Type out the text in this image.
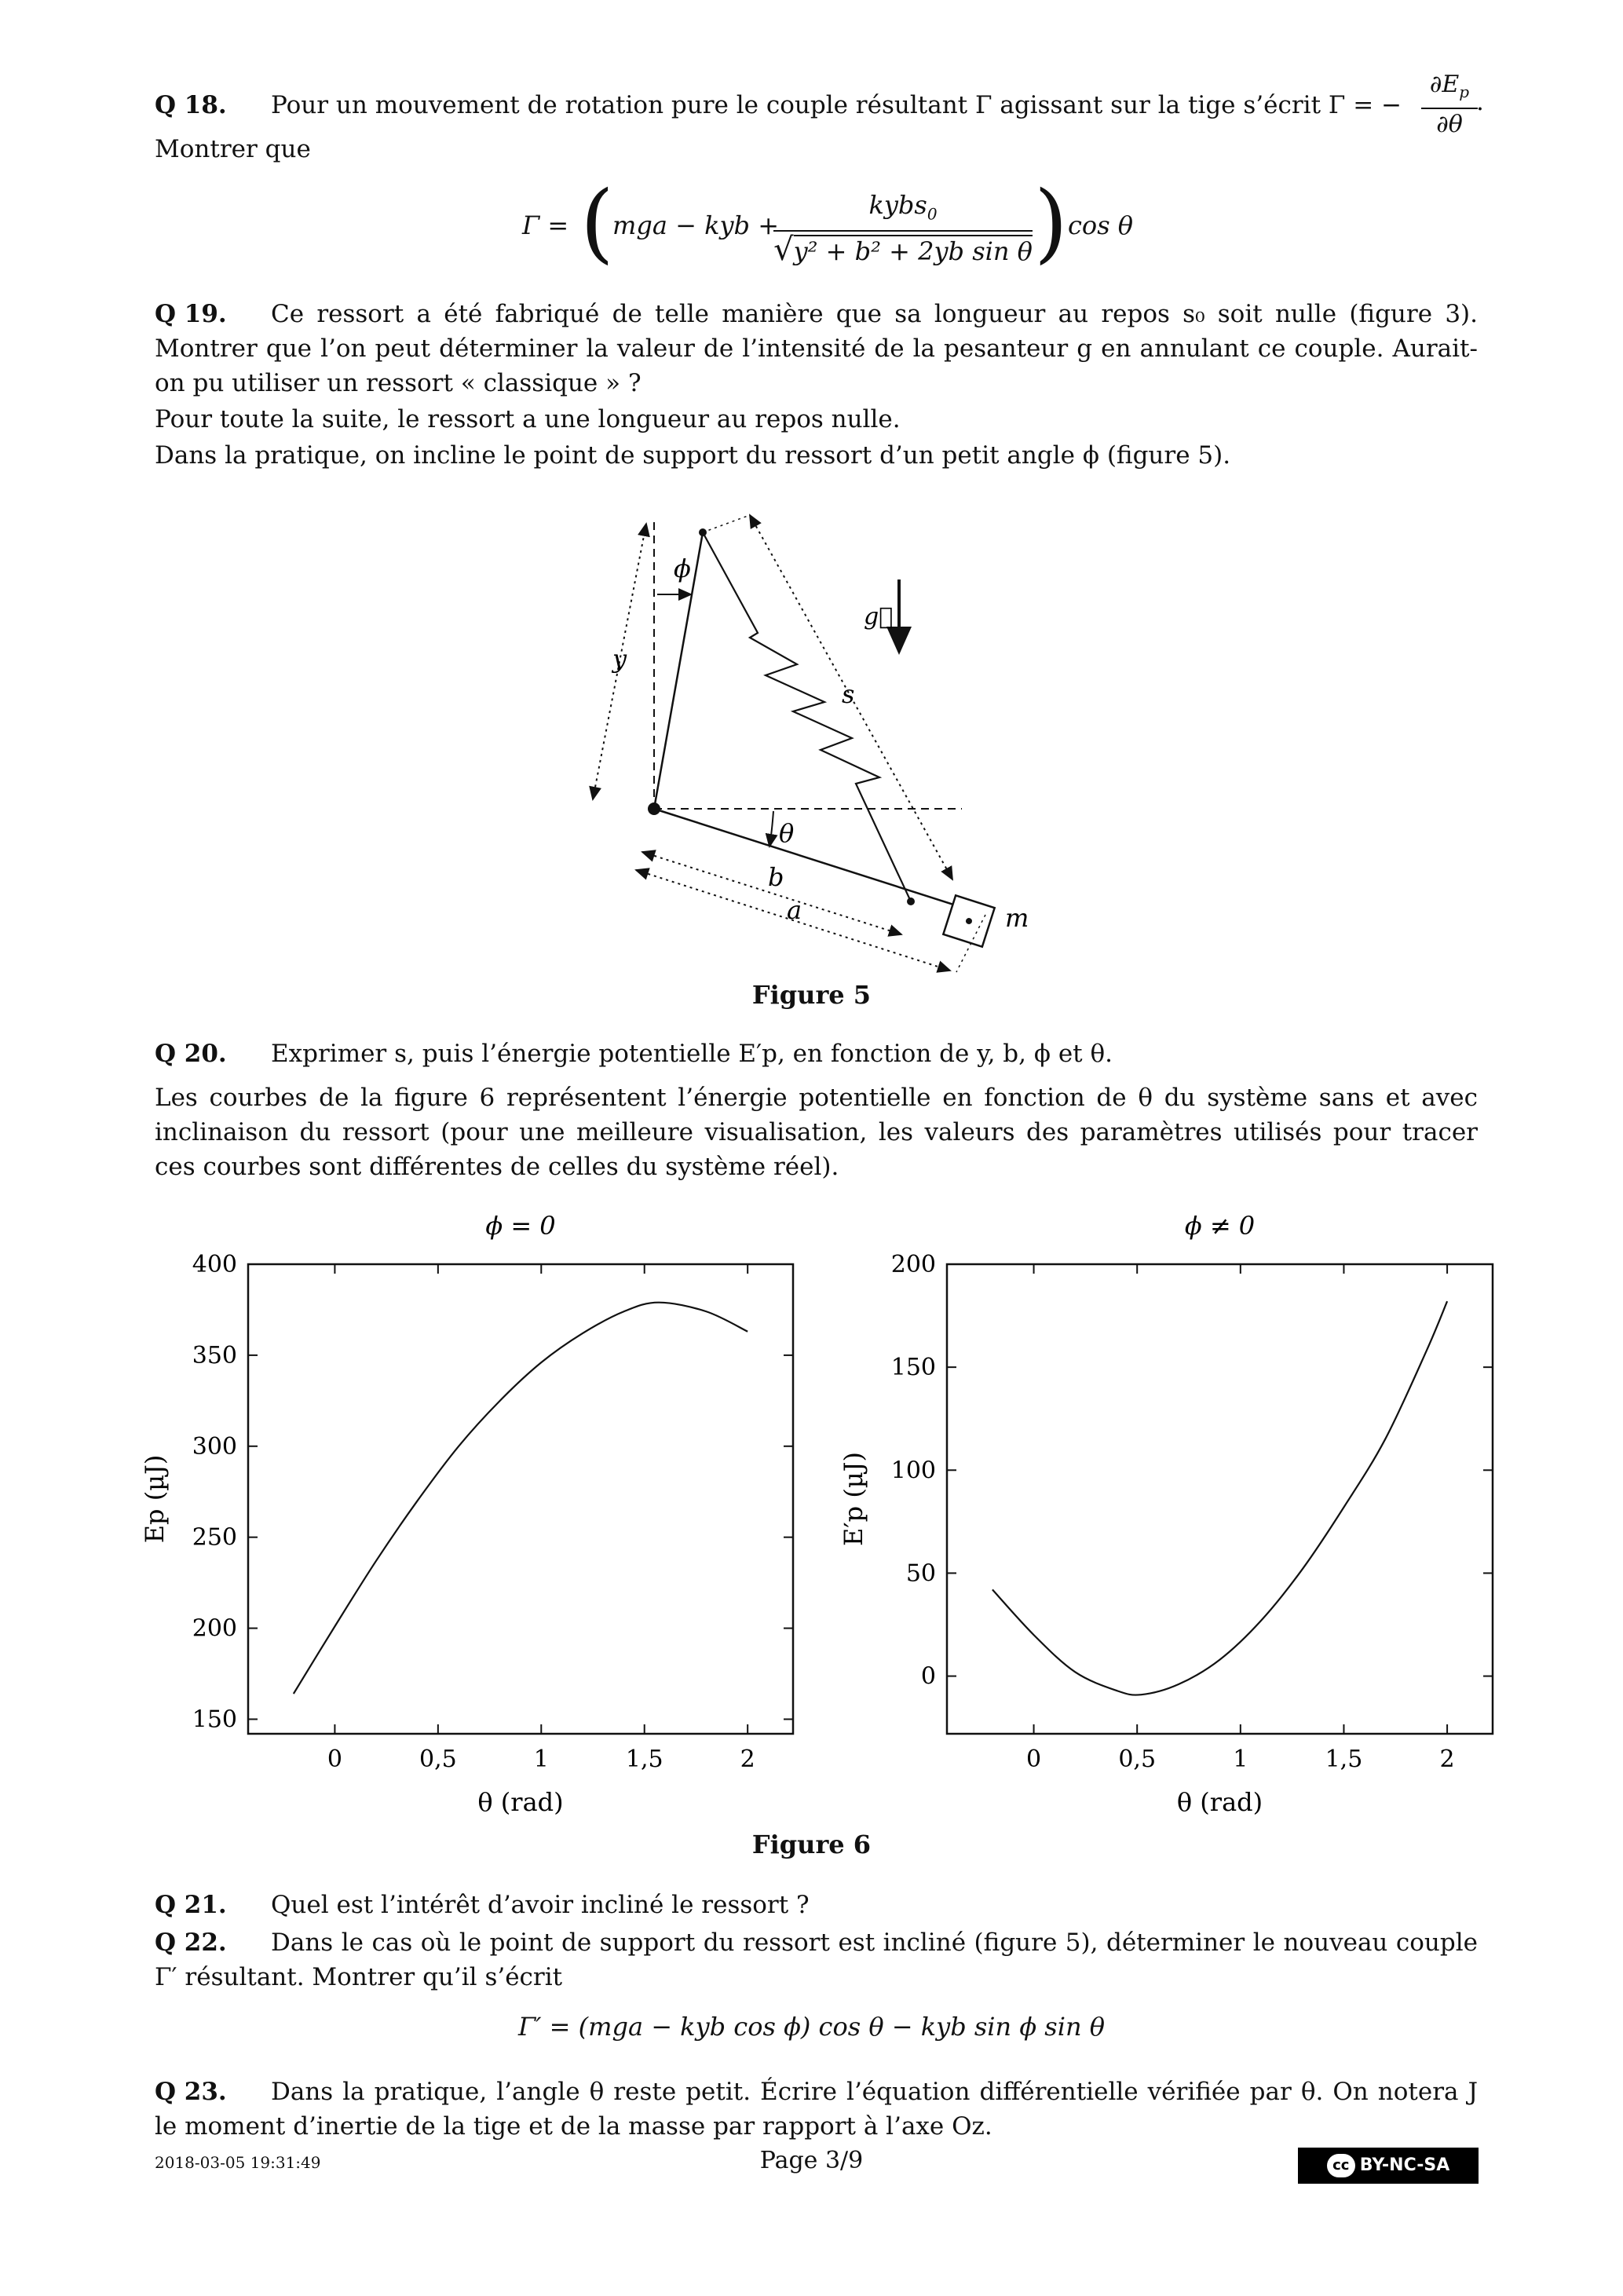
Q 18. Pour un mouvement de rotation pure le couple résultant Γ agissant sur la tige s’écrit Γ = −
$\partial E_p$
∂θ
.
Montrer que
Γ = (
mga − kyb +
kybs$_0$
√y² + b² + 2yb sin θ ) cos θ
Q 19. Ce ressort a été fabriqué de telle manière que sa longueur au repos s₀ soit nulle (figure 3). Montrer que l’on peut déterminer la valeur de l’intensité de la pesanteur g en annulant ce couple. Aurait-on pu utiliser un ressort « classique » ?
Pour toute la suite, le ressort a une longueur au repos nulle.
Dans la pratique, on incline le point de support du ressort d’un petit angle ϕ (figure 5).
ϕ
y
s
g⃗
θ
b
a	m
Figure 5
Q 20. Exprimer s, puis l’énergie potentielle E′p, en fonction de y, b, ϕ et θ.
Les courbes de la figure 6 représentent l’énergie potentielle en fonction de θ du système sans et avec inclinaison du ressort (pour une meilleure visualisation, les valeurs des paramètres utilisés pour tracer ces courbes sont différentes de celles du système réel).
ϕ = 0
0	0,5	1	1,5	2
150
200
250
300
350
400
θ (rad)
Ep (µJ)
ϕ ≠ 0
0	0,5	1	1,5	2
0
50
100
150
200
θ (rad)
E′p (µJ)
Figure 6
Q 21. Quel est l’intérêt d’avoir incliné le ressort ?
Q 22. Dans le cas où le point de support du ressort est incliné (figure 5), déterminer le nouveau couple Γ′ résultant. Montrer qu’il s’écrit
Γ′ = (mga − kyb cos ϕ) cos θ − kyb sin ϕ sin θ
Q 23. Dans la pratique, l’angle θ reste petit. Écrire l’équation différentielle vérifiée par θ. On notera J le moment d’inertie de la tige et de la masse par rapport à l’axe Oz.
2018-03-05 19:31:49	Page 3/9	cc BY-NC-SA
